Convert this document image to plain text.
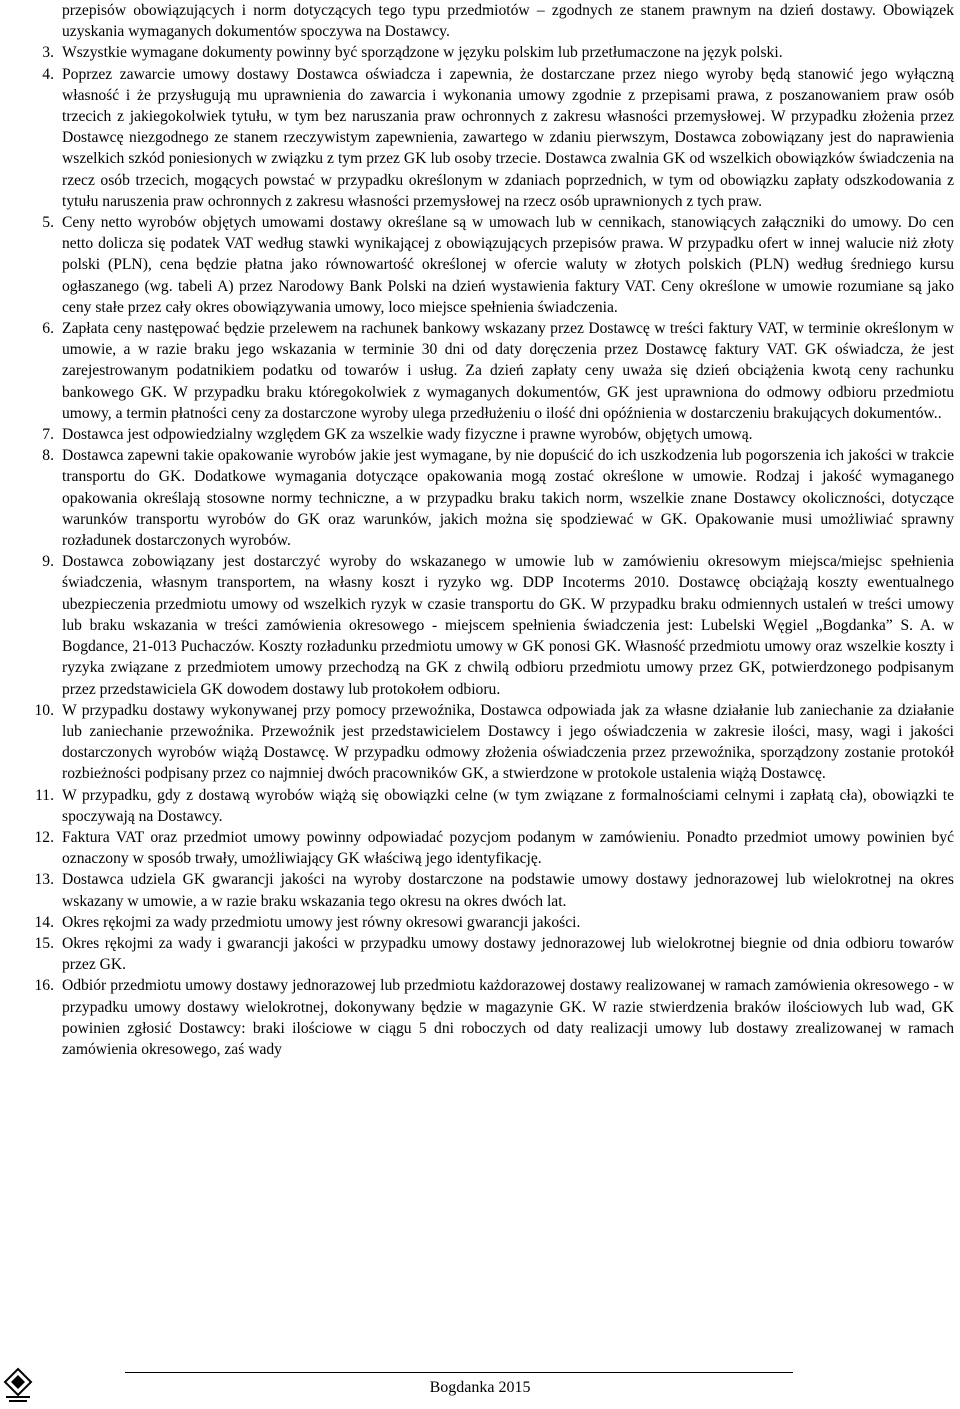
przepisów obowiązujących i norm dotyczących tego typu przedmiotów – zgodnych ze stanem prawnym na dzień dostawy. Obowiązek uzyskania wymaganych dokumentów spoczywa na Dostawcy.
3. Wszystkie wymagane dokumenty powinny być sporządzone w języku polskim lub przetłumaczone na język polski.
4. Poprzez zawarcie umowy dostawy Dostawca oświadcza i zapewnia, że dostarczane przez niego wyroby będą stanowić jego wyłączną własność i że przysługują mu uprawnienia do zawarcia i wykonania umowy zgodnie z przepisami prawa, z poszanowaniem praw osób trzecich z jakiegokolwiek tytułu, w tym bez naruszania praw ochronnych z zakresu własności przemysłowej. W przypadku złożenia przez Dostawcę niezgodnego ze stanem rzeczywistym zapewnienia, zawartego w zdaniu pierwszym, Dostawca zobowiązany jest do naprawienia wszelkich szkód poniesionych w związku z tym przez GK lub osoby trzecie. Dostawca zwalnia GK od wszelkich obowiązków świadczenia na rzecz osób trzecich, mogących powstać w przypadku określonym w zdaniach poprzednich, w tym od obowiązku zapłaty odszkodowania z tytułu naruszenia praw ochronnych z zakresu własności przemysłowej na rzecz osób uprawnionych z tych praw.
5. Ceny netto wyrobów objętych umowami dostawy określane są w umowach lub w cennikach, stanowiących załączniki do umowy. Do cen netto dolicza się podatek VAT według stawki wynikającej z obowiązujących przepisów prawa. W przypadku ofert w innej walucie niż złoty polski (PLN), cena będzie płatna jako równowartość określonej w ofercie waluty w złotych polskich (PLN) według średniego kursu ogłaszanego (wg. tabeli A) przez Narodowy Bank Polski na dzień wystawienia faktury VAT. Ceny określone w umowie rozumiane są jako ceny stałe przez cały okres obowiązywania umowy, loco miejsce spełnienia świadczenia.
6. Zapłata ceny następować będzie przelewem na rachunek bankowy wskazany przez Dostawcę w treści faktury VAT, w terminie określonym w umowie, a w razie braku jego wskazania w terminie 30 dni od daty doręczenia przez Dostawcę faktury VAT. GK oświadcza, że jest zarejestrowanym podatnikiem podatku od towarów i usług. Za dzień zapłaty ceny uważa się dzień obciążenia kwotą ceny rachunku bankowego GK. W przypadku braku któregokolwiek z wymaganych dokumentów, GK jest uprawniona do odmowy odbioru przedmiotu umowy, a termin płatności ceny za dostarczone wyroby ulega przedłużeniu o ilość dni opóźnienia w dostarczeniu brakujących dokumentów..
7. Dostawca jest odpowiedzialny względem GK za wszelkie wady fizyczne i prawne wyrobów, objętych umową.
8. Dostawca zapewni takie opakowanie wyrobów jakie jest wymagane, by nie dopuścić do ich uszkodzenia lub pogorszenia ich jakości w trakcie transportu do GK. Dodatkowe wymagania dotyczące opakowania mogą zostać określone w umowie. Rodzaj i jakość wymaganego opakowania określają stosowne normy techniczne, a w przypadku braku takich norm, wszelkie znane Dostawcy okoliczności, dotyczące warunków transportu wyrobów do GK oraz warunków, jakich można się spodziewać w GK. Opakowanie musi umożliwiać sprawny rozładunek dostarczonych wyrobów.
9. Dostawca zobowiązany jest dostarczyć wyroby do wskazanego w umowie lub w zamówieniu okresowym miejsca/miejsc spełnienia świadczenia, własnym transportem, na własny koszt i ryzyko wg. DDP Incoterms 2010. Dostawcę obciążają koszty ewentualnego ubezpieczenia przedmiotu umowy od wszelkich ryzyk w czasie transportu do GK. W przypadku braku odmiennych ustaleń w treści umowy lub braku wskazania w treści zamówienia okresowego - miejscem spełnienia świadczenia jest: Lubelski Węgiel „Bogdanka” S. A. w Bogdance, 21-013 Puchaczów. Koszty rozładunku przedmiotu umowy w GK ponosi GK. Własność przedmiotu umowy oraz wszelkie koszty i ryzyka związane z przedmiotem umowy przechodzą na GK z chwilą odbioru przedmiotu umowy przez GK, potwierdzonego podpisanym przez przedstawiciela GK dowodem dostawy lub protokołem odbioru.
10. W przypadku dostawy wykonywanej przy pomocy przewoźnika, Dostawca odpowiada jak za własne działanie lub zaniechanie za działanie lub zaniechanie przewoźnika. Przewoźnik jest przedstawicielem Dostawcy i jego oświadczenia w zakresie ilości, masy, wagi i jakości dostarczonych wyrobów wiążą Dostawcę. W przypadku odmowy złożenia oświadczenia przez przewoźnika, sporządzony zostanie protokół rozbieżności podpisany przez co najmniej dwóch pracowników GK, a stwierdzone w protokole ustalenia wiążą Dostawcę.
11. W przypadku, gdy z dostawą wyrobów wiążą się obowiązki celne (w tym związane z formalnościami celnymi i zapłatą cła), obowiązki te spoczywają na Dostawcy.
12. Faktura VAT oraz przedmiot umowy powinny odpowiadać pozycjom podanym w zamówieniu. Ponadto przedmiot umowy powinien być oznaczony w sposób trwały, umożliwiający GK właściwą jego identyfikację.
13. Dostawca udziela GK gwarancji jakości na wyroby dostarczone na podstawie umowy dostawy jednorazowej lub wielokrotnej na okres wskazany w umowie, a w razie braku wskazania tego okresu na okres dwóch lat.
14. Okres rękojmi za wady przedmiotu umowy jest równy okresowi gwarancji jakości.
15. Okres rękojmi za wady i gwarancji jakości w przypadku umowy dostawy jednorazowej lub wielokrotnej biegnie od dnia odbioru towarów przez GK.
16. Odbiór przedmiotu umowy dostawy jednorazowej lub przedmiotu każdorazowej dostawy realizowanej w ramach zamówienia okresowego - w przypadku umowy dostawy wielokrotnej, dokonywany będzie w magazynie GK. W razie stwierdzenia braków ilościowych lub wad, GK powinien zgłosić Dostawcy: braki ilościowe w ciągu 5 dni roboczych od daty realizacji umowy lub dostawy zrealizowanej w ramach zamówienia okresowego, zaś wady
Bogdanka 2015
